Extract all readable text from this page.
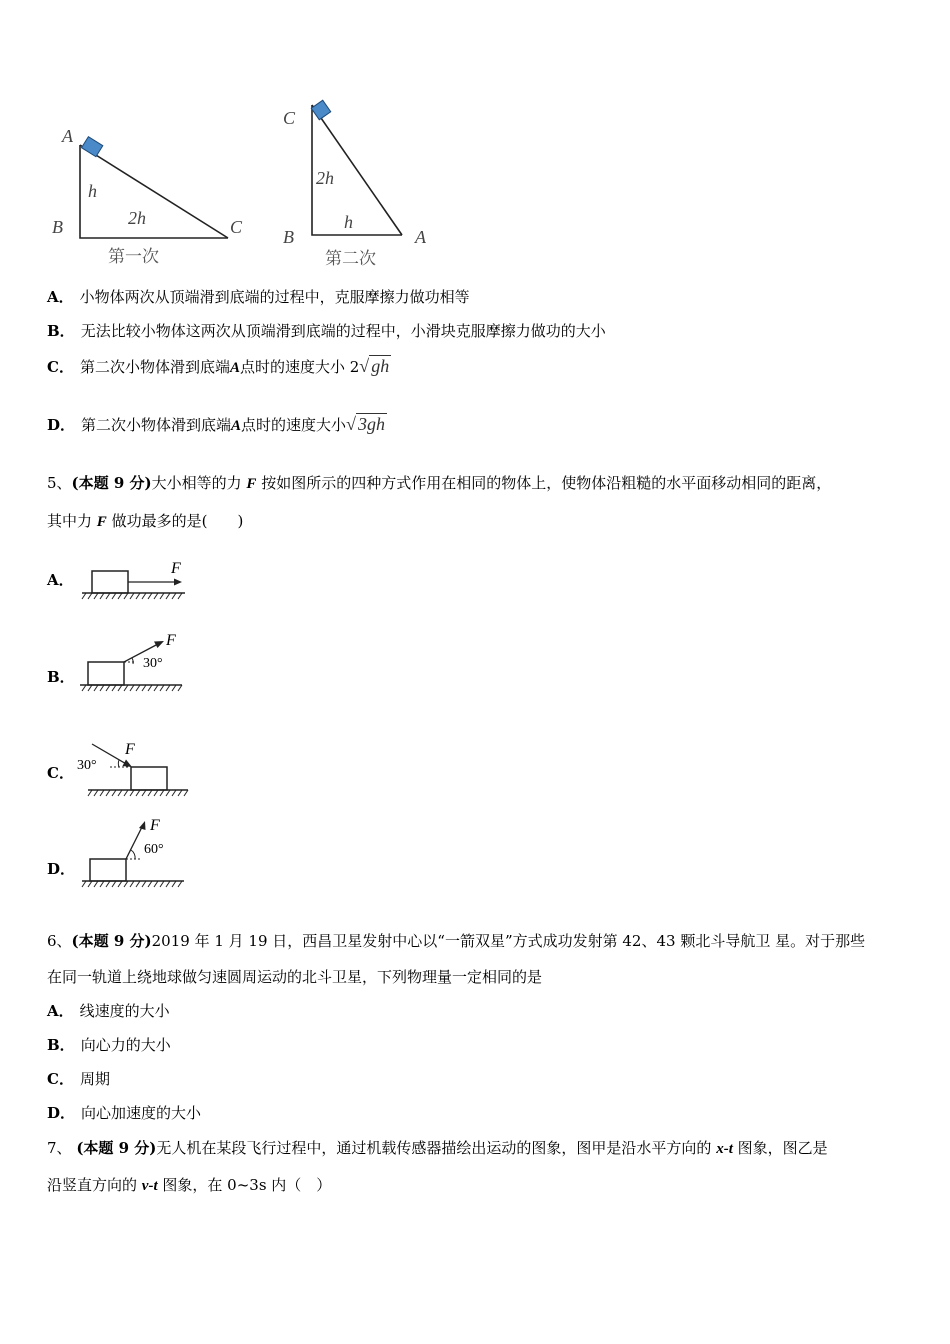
A
B	C
h
2h
第一次
C
B	A
2h
h
第二次
A． 小物体两次从顶端滑到底端的过程中，克服摩擦力做功相等
B． 无法比较小物体这两次从顶端滑到底端的过程中，小滑块克服摩擦力做功的大小
C． 第二次小物体滑到底端A点时的速度大小 2√ gh
D． 第二次小物体滑到底端A点时的速度大小√ 3gh
5、(本题 9 分)大小相等的力 F 按如图所示的四种方式作用在相同的物体上，使物体沿粗糙的水平面移动相同的距离，
其中力 F 做功最多的是(　　)
A．
F
B．
F
30°
C．
F
30°
D．
F
60°
6、(本题 9 分)2019 年 1 月 19 日，西昌卫星发射中心以“一箭双星”方式成功发射第 42、43 颗北斗导航卫 星。对于那些
在同一轨道上绕地球做匀速圆周运动的北斗卫星，下列物理量一定相同的是
A． 线速度的大小
B． 向心力的大小
C． 周期
D． 向心加速度的大小
7、 (本题 9 分)无人机在某段飞行过程中，通过机载传感器描绘出运动的图象，图甲是沿水平方向的 x-t 图象，图乙是
沿竖直方向的 v-t 图象，在 0~3s 内（　）
